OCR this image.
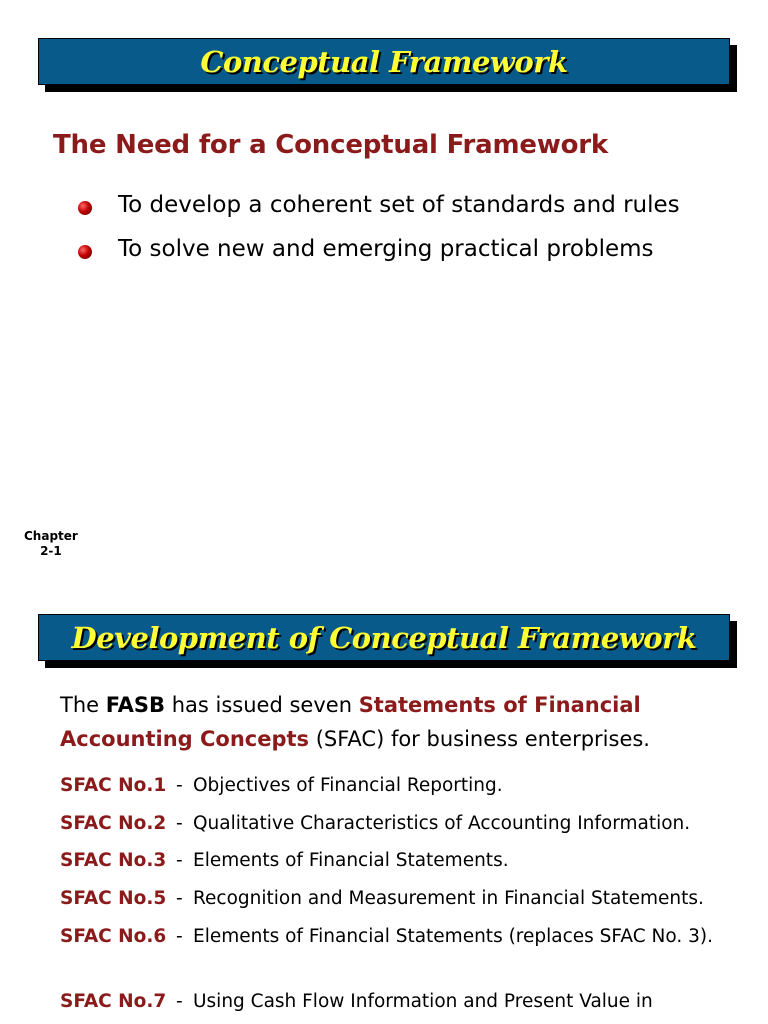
Conceptual Framework
The Need for a Conceptual Framework
To develop a coherent set of standards and rules
To solve new and emerging practical problems
Chapter
2-1
Development of Conceptual Framework
The FASB has issued seven Statements of Financial Accounting Concepts (SFAC) for business enterprises.
SFAC No.1 - Objectives of Financial Reporting.
SFAC No.2 - Qualitative Characteristics of Accounting Information.
SFAC No.3 - Elements of Financial Statements.
SFAC No.5 - Recognition and Measurement in Financial Statements.
SFAC No.6 - Elements of Financial Statements (replaces SFAC No. 3).
SFAC No.7 - Using Cash Flow Information and Present Value in
